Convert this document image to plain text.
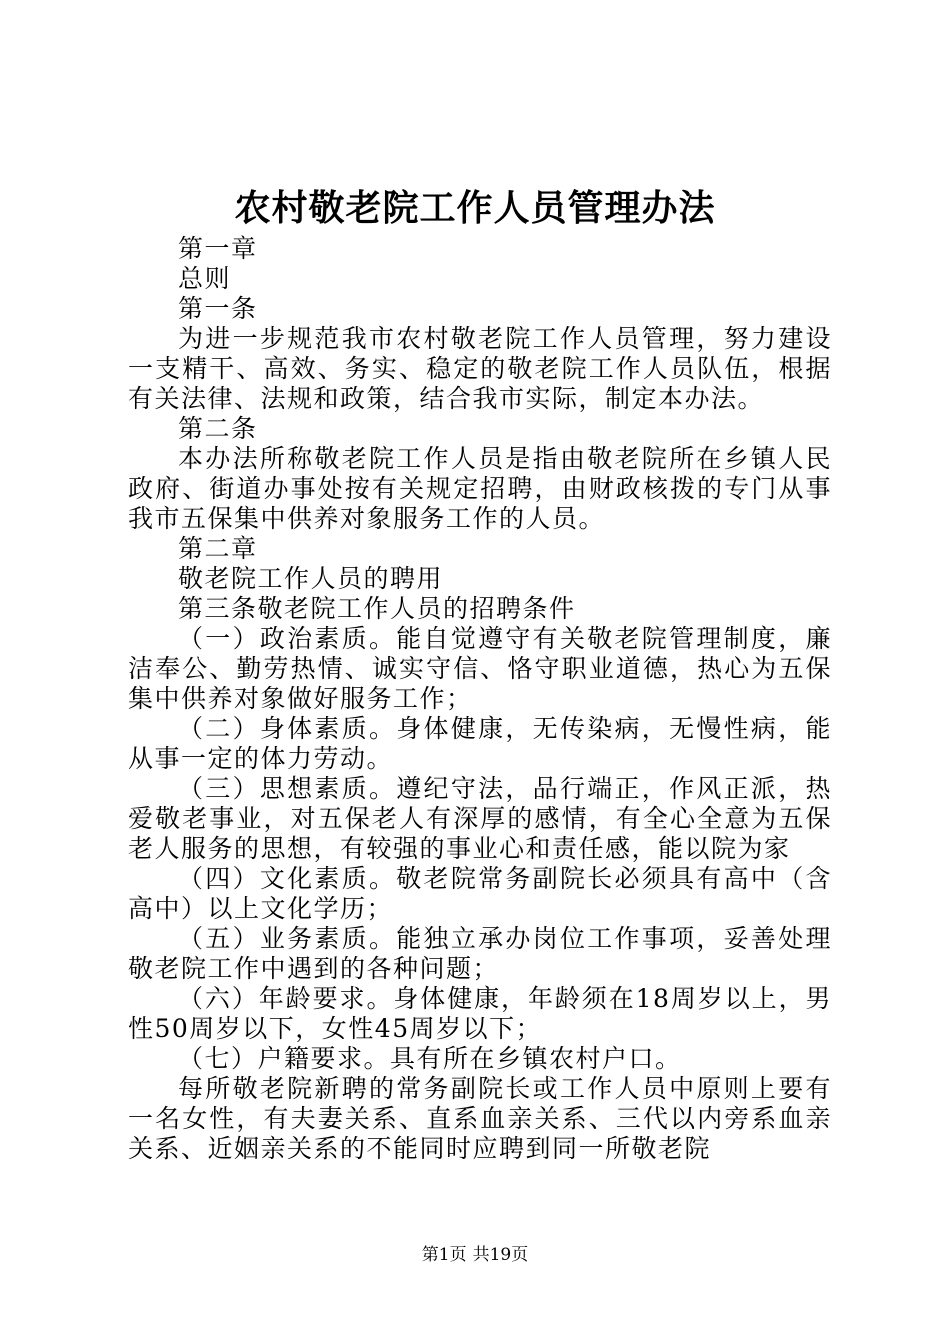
农村敬老院工作人员管理办法

第一章

总则

第一条

为进一步规范我市农村敬老院工作人员管理，努力建设一支精干、高效、务实、稳定的敬老院工作人员队伍，根据有关法律、法规和政策，结合我市实际，制定本办法。

第二条

本办法所称敬老院工作人员是指由敬老院所在乡镇人民政府、街道办事处按有关规定招聘，由财政核拨的专门从事我市五保集中供养对象服务工作的人员。

第二章

敬老院工作人员的聘用

第三条敬老院工作人员的招聘条件

（一）政治素质。能自觉遵守有关敬老院管理制度，廉洁奉公、勤劳热情、诚实守信、恪守职业道德，热心为五保集中供养对象做好服务工作；

（二）身体素质。身体健康，无传染病，无慢性病，能从事一定的体力劳动。

（三）思想素质。遵纪守法，品行端正，作风正派，热爱敬老事业，对五保老人有深厚的感情，有全心全意为五保老人服务的思想，有较强的事业心和责任感，能以院为家

（四）文化素质。敬老院常务副院长必须具有高中（含高中）以上文化学历；

（五）业务素质。能独立承办岗位工作事项，妥善处理敬老院工作中遇到的各种问题；

（六）年龄要求。身体健康，年龄须在18周岁以上，男性50周岁以下，女性45周岁以下；

（七）户籍要求。具有所在乡镇农村户口。

每所敬老院新聘的常务副院长或工作人员中原则上要有一名女性，有夫妻关系、直系血亲关系、三代以内旁系血亲关系、近姻亲关系的不能同时应聘到同一所敬老院

第1页 共19页
